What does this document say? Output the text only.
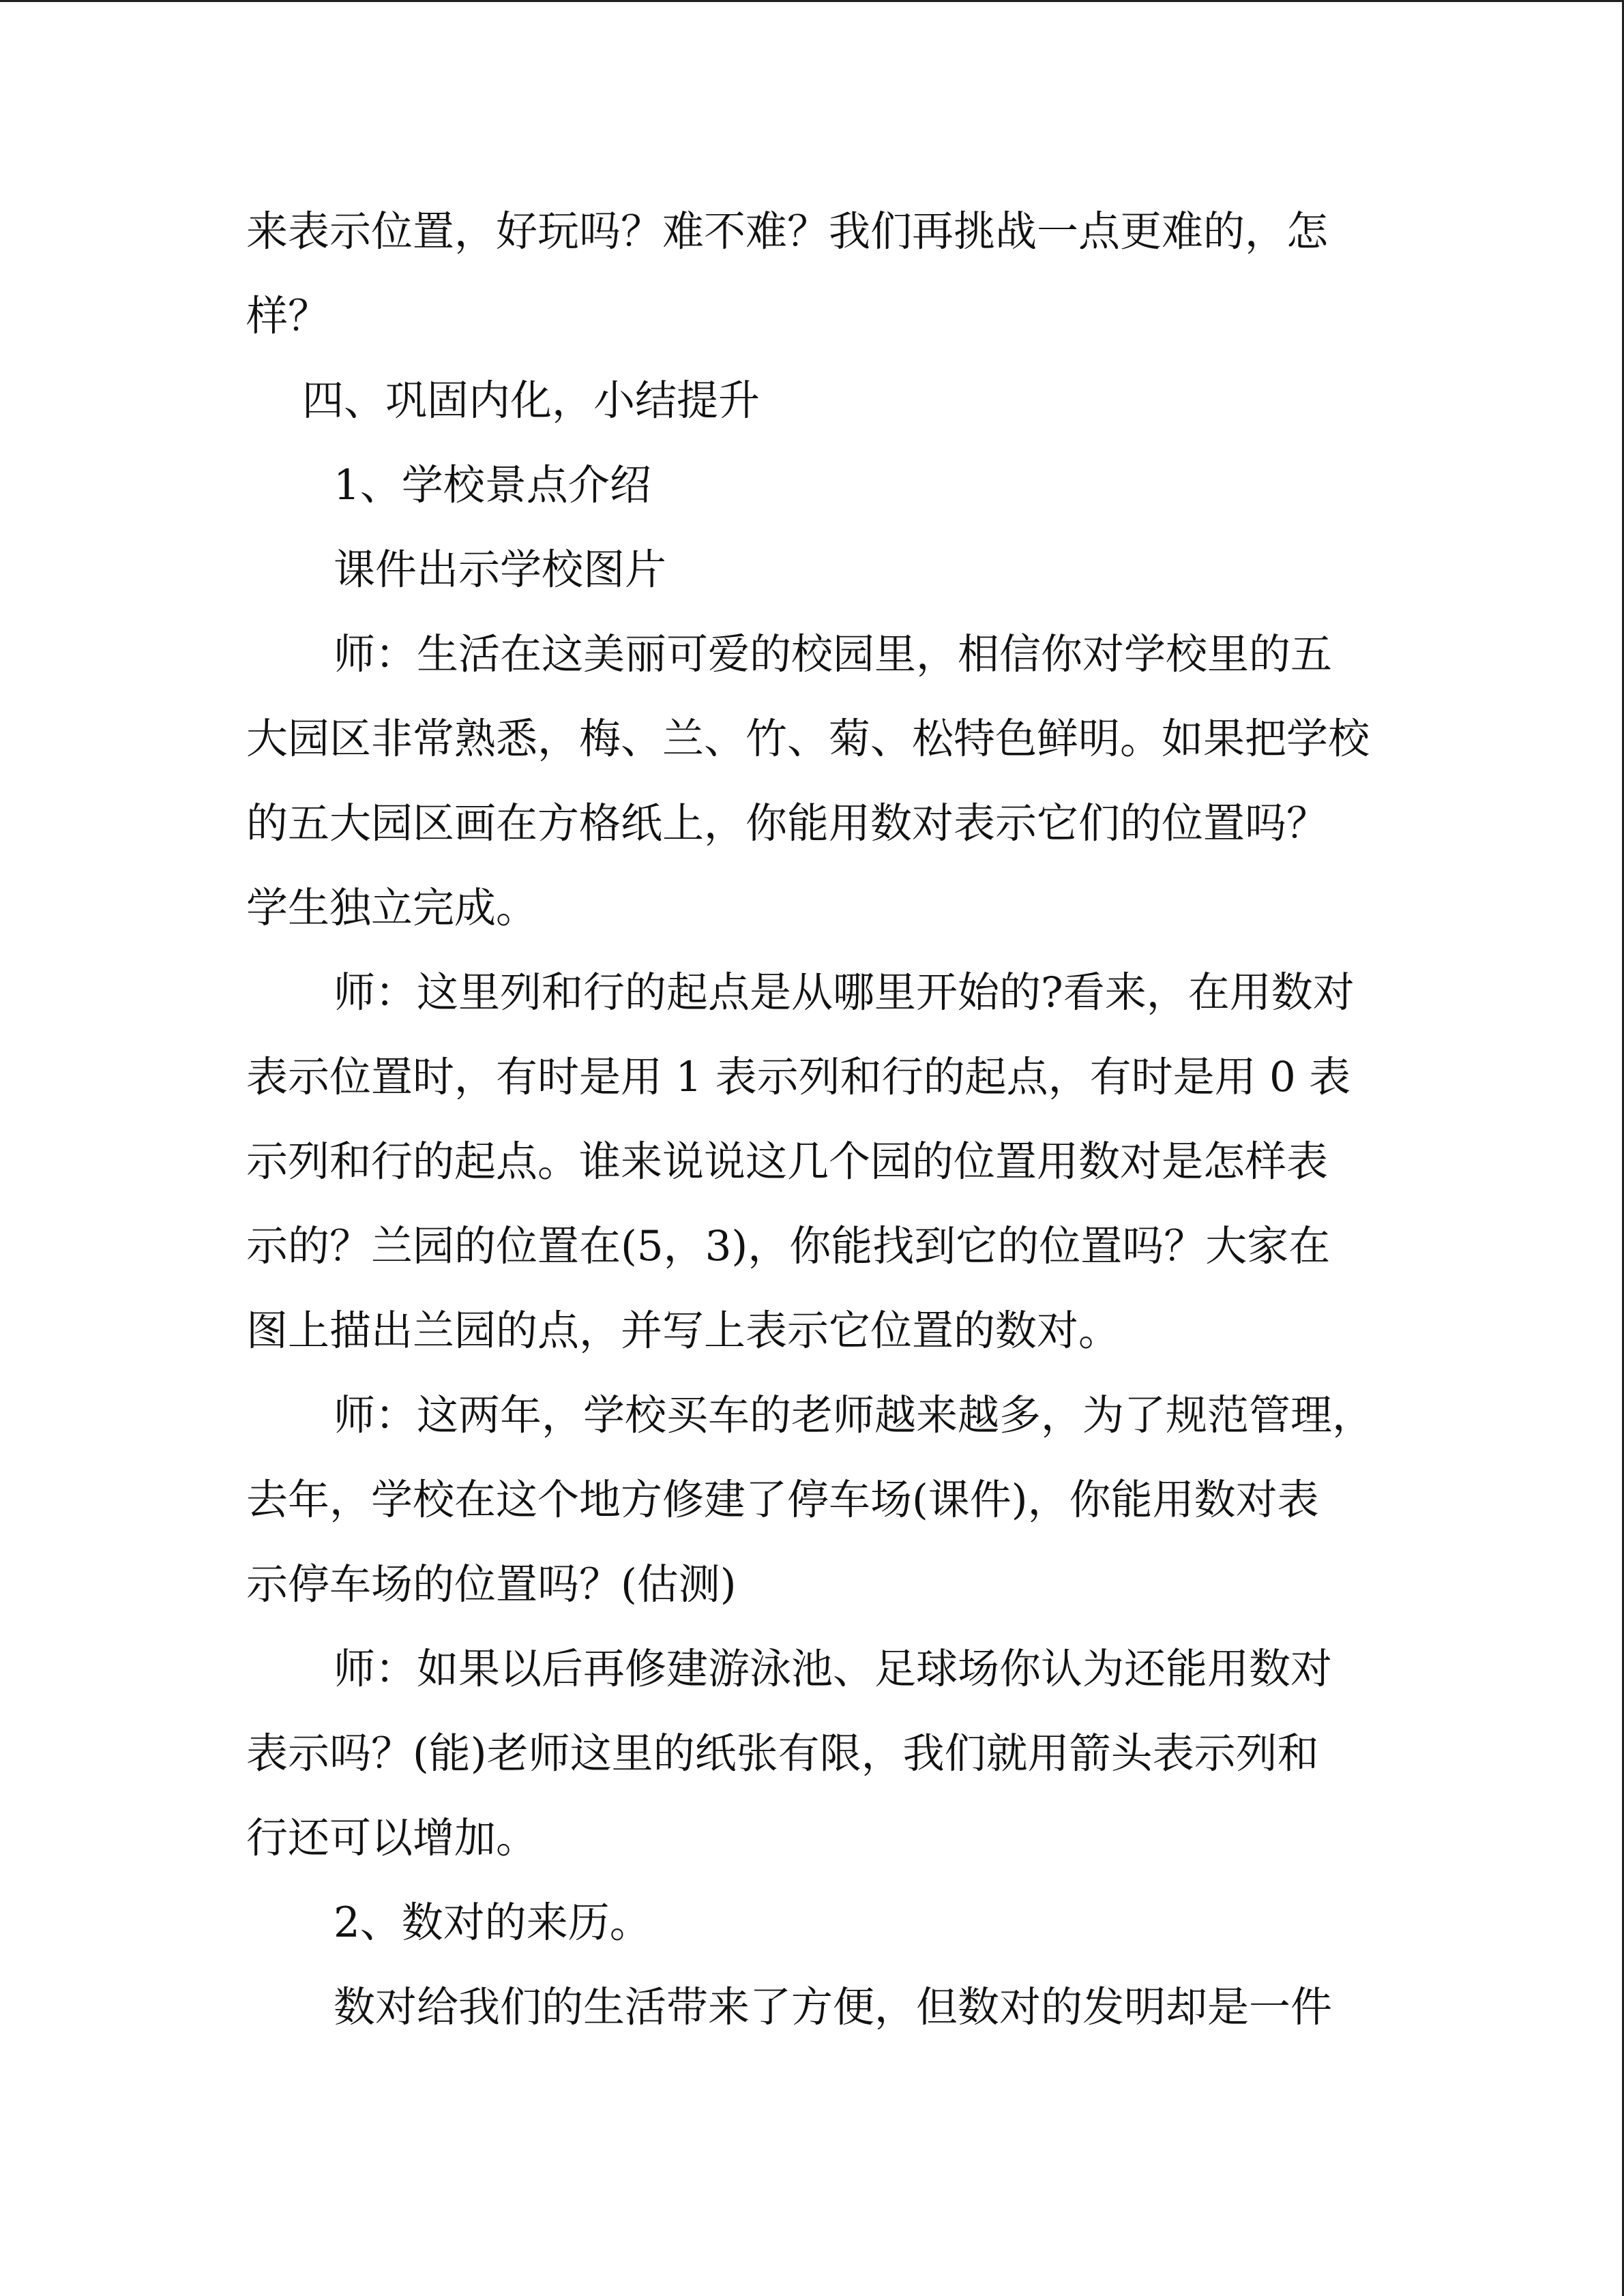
来表示位置，好玩吗？难不难？我们再挑战一点更难的，怎
样？
四、巩固内化，小结提升
1、学校景点介绍
课件出示学校图片
师：生活在这美丽可爱的校园里，相信你对学校里的五
大园区非常熟悉，梅、兰、竹、菊、松特色鲜明。如果把学校
的五大园区画在方格纸上，你能用数对表示它们的位置吗？
学生独立完成。
师：这里列和行的起点是从哪里开始的?看来，在用数对
表示位置时，有时是用 1 表示列和行的起点，有时是用 0 表
示列和行的起点。谁来说说这几个园的位置用数对是怎样表
示的？兰园的位置在(5，3)，你能找到它的位置吗？大家在
图上描出兰园的点，并写上表示它位置的数对。
师：这两年，学校买车的老师越来越多，为了规范管理，
去年，学校在这个地方修建了停车场(课件)，你能用数对表
示停车场的位置吗？(估测)
师：如果以后再修建游泳池、足球场你认为还能用数对
表示吗？(能)老师这里的纸张有限，我们就用箭头表示列和
行还可以增加。
2、数对的来历。
数对给我们的生活带来了方便，但数对的发明却是一件
